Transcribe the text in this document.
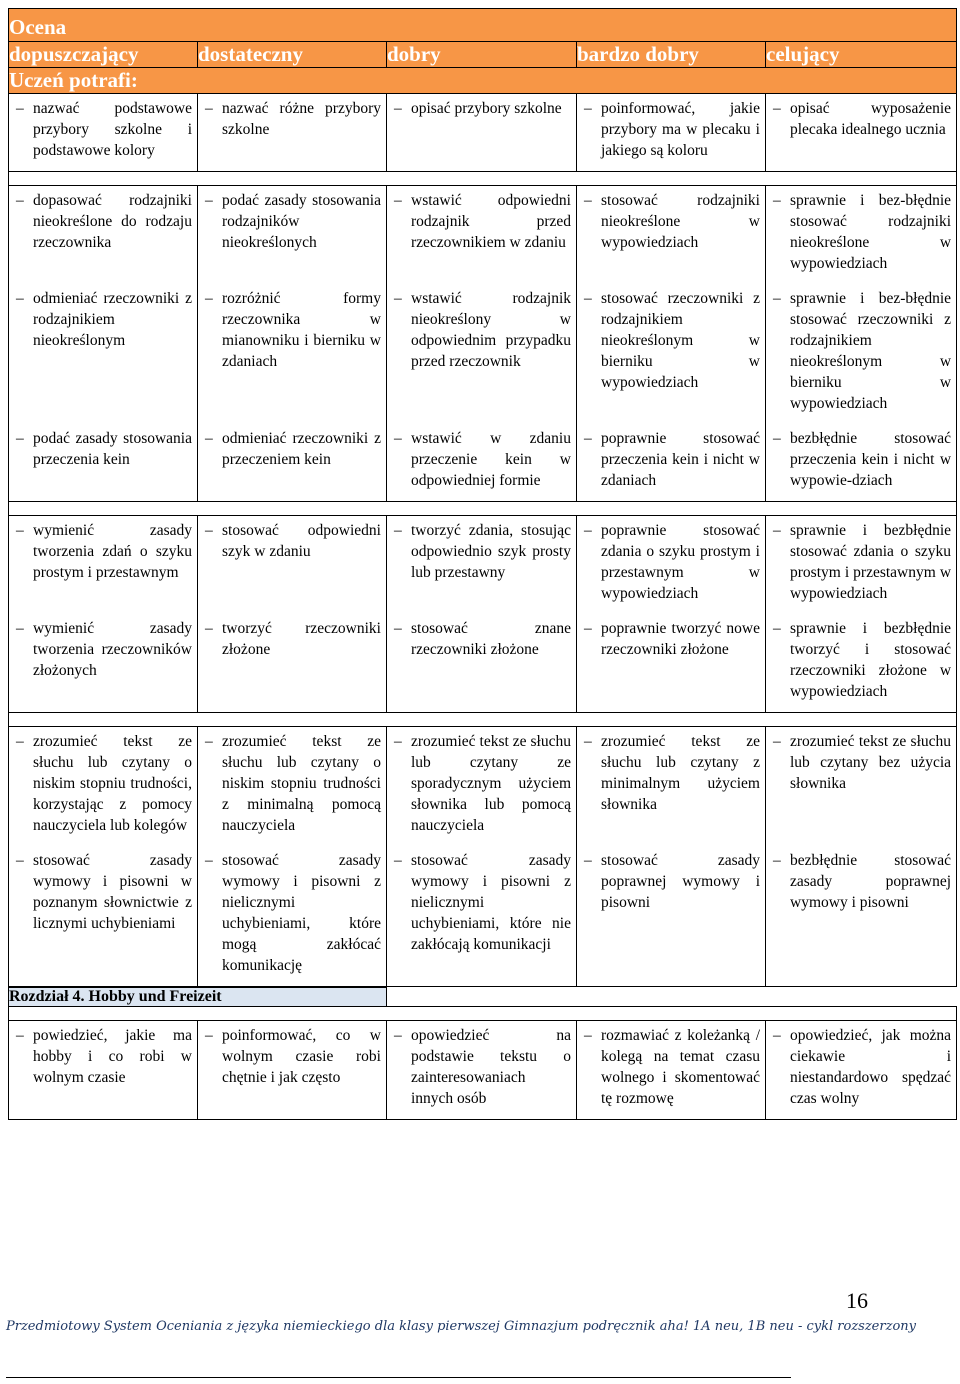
Ocena				
dopuszczający	dostateczny	dobry	bardzo dobry	celujący
Uczeń potrafi:				

– nazwać podstawowe przybory szkolne i podstawowe kolory	– nazwać różne przybory szkolne	– opisać przybory szkolne	– poinformować, jakie przybory ma w plecaku i jakiego są koloru	– opisać wyposażenie plecaka idealnego ucznia

– dopasować rodzajniki nieokreślone do rodzaju rzeczownika	– podać zasady stosowania rodzajników nieokreślonych	– wstawić odpowiedni rodzajnik przed rzeczownikiem w zdaniu	– stosować rodzajniki nieokreślone w wypowiedziach	– sprawnie i bez-błędnie stosować rodzajniki nieokreślone w wypowiedziach

– odmieniać rzeczowniki z rodzajnikiem nieokreślonym	– rozróżnić formy rzeczownika w mianowniku i bierniku w zdaniach	– wstawić rodzajnik nieokreślony w odpowiednim przypadku przed rzeczownik	– stosować rzeczowniki z rodzajnikiem nieokreślonym w bierniku w wypowiedziach	– sprawnie i bez-błędnie stosować rzeczowniki z rodzajnikiem nieokreślonym w bierniku w wypowiedziach

– podać zasady stosowania przeczenia kein	– odmieniać rzeczowniki z przeczeniem kein	– wstawić w zdaniu przeczenie kein w odpowiedniej formie	– poprawnie stosować przeczenia kein i nicht w zdaniach	– bezbłędnie stosować przeczenia kein i nicht w wypowie-dziach

– wymienić zasady tworzenia zdań o szyku prostym i przestawnym	– stosować odpowiedni szyk w zdaniu	– tworzyć zdania, stosując odpowiednio szyk prosty lub przestawny	– poprawnie stosować zdania o szyku prostym i przestawnym w wypowiedziach	– sprawnie i bezbłędnie stosować zdania o szyku prostym i przestawnym w wypowiedziach

– wymienić zasady tworzenia rzeczowników złożonych	– tworzyć rzeczowniki złożone	– stosować znane rzeczowniki złożone	– poprawnie tworzyć nowe rzeczowniki złożone	– sprawnie i bezbłędnie tworzyć i stosować rzeczowniki złożone w wypowiedziach

– zrozumieć tekst ze słuchu lub czytany o niskim stopniu trudności, korzystając z pomocy nauczyciela lub kolegów	– zrozumieć tekst ze słuchu lub czytany o niskim stopniu trudności z minimalną pomocą nauczyciela	– zrozumieć tekst ze słuchu lub czytany ze sporadycznym użyciem słownika lub pomocą nauczyciela	– zrozumieć tekst ze słuchu lub czytany z minimalnym użyciem słownika	– zrozumieć tekst ze słuchu lub czytany bez użycia słownika

– stosować zasady wymowy i pisowni w poznanym słownictwie z licznymi uchybieniami	– stosować zasady wymowy i pisowni z nielicznymi uchybieniami, które mogą zakłócać komunikację	– stosować zasady wymowy i pisowni z nielicznymi uchybieniami, które nie zakłócają komunikacji	– stosować zasady poprawnej wymowy i pisowni	– bezbłędnie stosować zasady poprawnej wymowy i pisowni
Rozdział 4. Hobby und Freizeit				

– powiedzieć, jakie ma hobby i co robi w wolnym czasie	– poinformować, co w wolnym czasie robi chętnie i jak często	– opowiedzieć na podstawie tekstu o zainteresowaniach innych osób	– rozmawiać z koleżanką / kolegą na temat czasu wolnego i skomentować tę rozmowę	– opowiedzieć, jak można ciekawie i niestandardowo spędzać czas wolny
16
Przedmiotowy System Oceniania z języka niemieckiego dla klasy pierwszej Gimnazjum podręcznik aha! 1A neu, 1B neu - cykl rozszerzony
